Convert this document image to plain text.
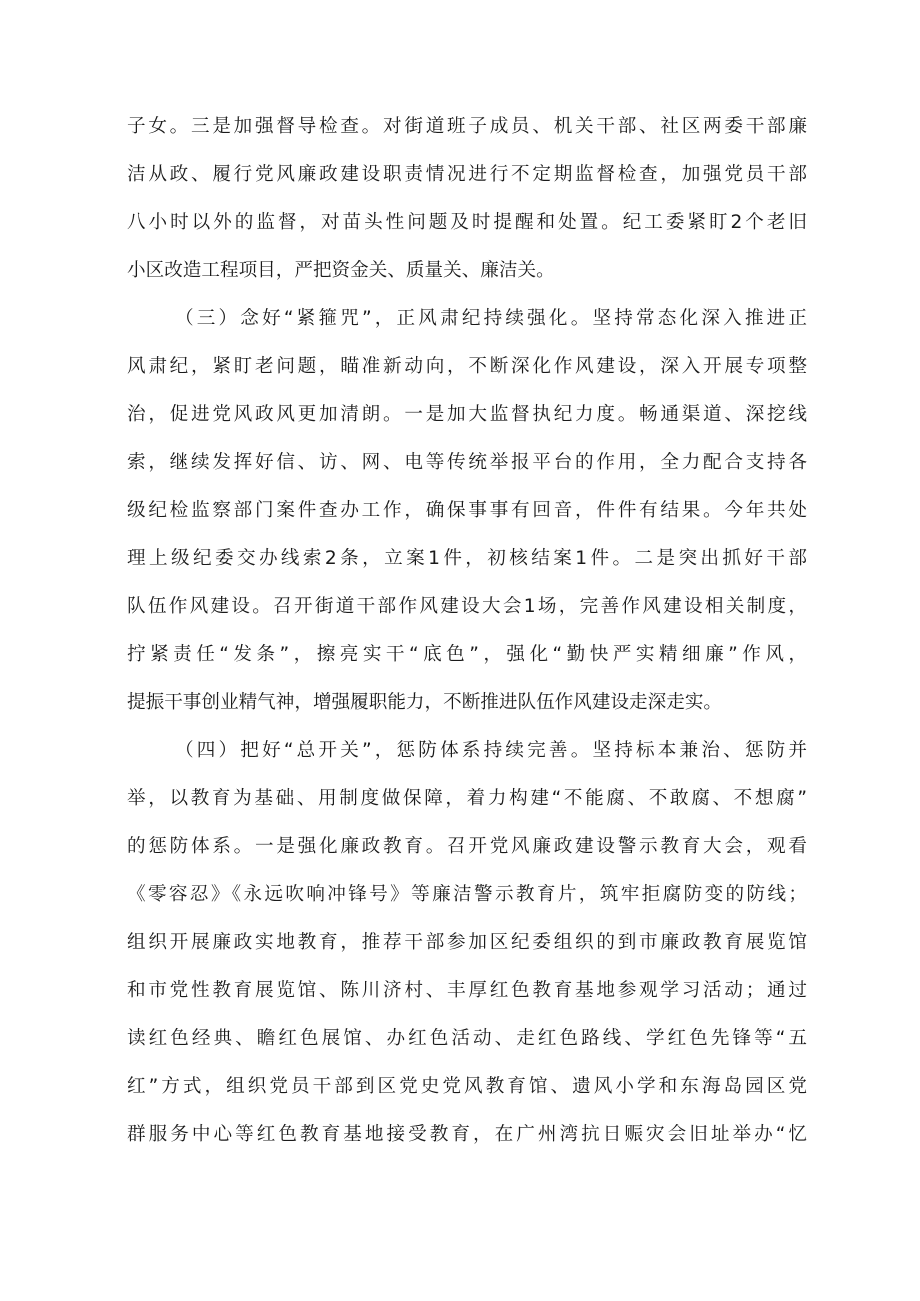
子女。三是加强督导检查。对街道班子成员、机关干部、社区两委干部廉
洁从政、履行党风廉政建设职责情况进行不定期监督检查，加强党员干部
八小时以外的监督，对苗头性问题及时提醒和处置。纪工委紧盯2个老旧
小区改造工程项目，严把资金关、质量关、廉洁关。
（三）念好“紧箍咒”，正风肃纪持续强化。坚持常态化深入推进正
风肃纪，紧盯老问题，瞄准新动向，不断深化作风建设，深入开展专项整
治，促进党风政风更加清朗。一是加大监督执纪力度。畅通渠道、深挖线
索，继续发挥好信、访、网、电等传统举报平台的作用，全力配合支持各
级纪检监察部门案件查办工作，确保事事有回音，件件有结果。今年共处
理上级纪委交办线索2条，立案1件，初核结案1件。二是突出抓好干部
队伍作风建设。召开街道干部作风建设大会1场，完善作风建设相关制度，
拧紧责任“发条”，擦亮实干“底色”，强化“勤快严实精细廉”作风，
提振干事创业精气神，增强履职能力，不断推进队伍作风建设走深走实。
（四）把好“总开关”，惩防体系持续完善。坚持标本兼治、惩防并
举，以教育为基础、用制度做保障，着力构建“不能腐、不敢腐、不想腐”
的惩防体系。一是强化廉政教育。召开党风廉政建设警示教育大会，观看
《零容忍》《永远吹响冲锋号》等廉洁警示教育片，筑牢拒腐防变的防线；
组织开展廉政实地教育，推荐干部参加区纪委组织的到市廉政教育展览馆
和市党性教育展览馆、陈川济村、丰厚红色教育基地参观学习活动；通过
读红色经典、瞻红色展馆、办红色活动、走红色路线、学红色先锋等“五
红”方式，组织党员干部到区党史党风教育馆、遗风小学和东海岛园区党
群服务中心等红色教育基地接受教育，在广州湾抗日赈灾会旧址举办“忆
